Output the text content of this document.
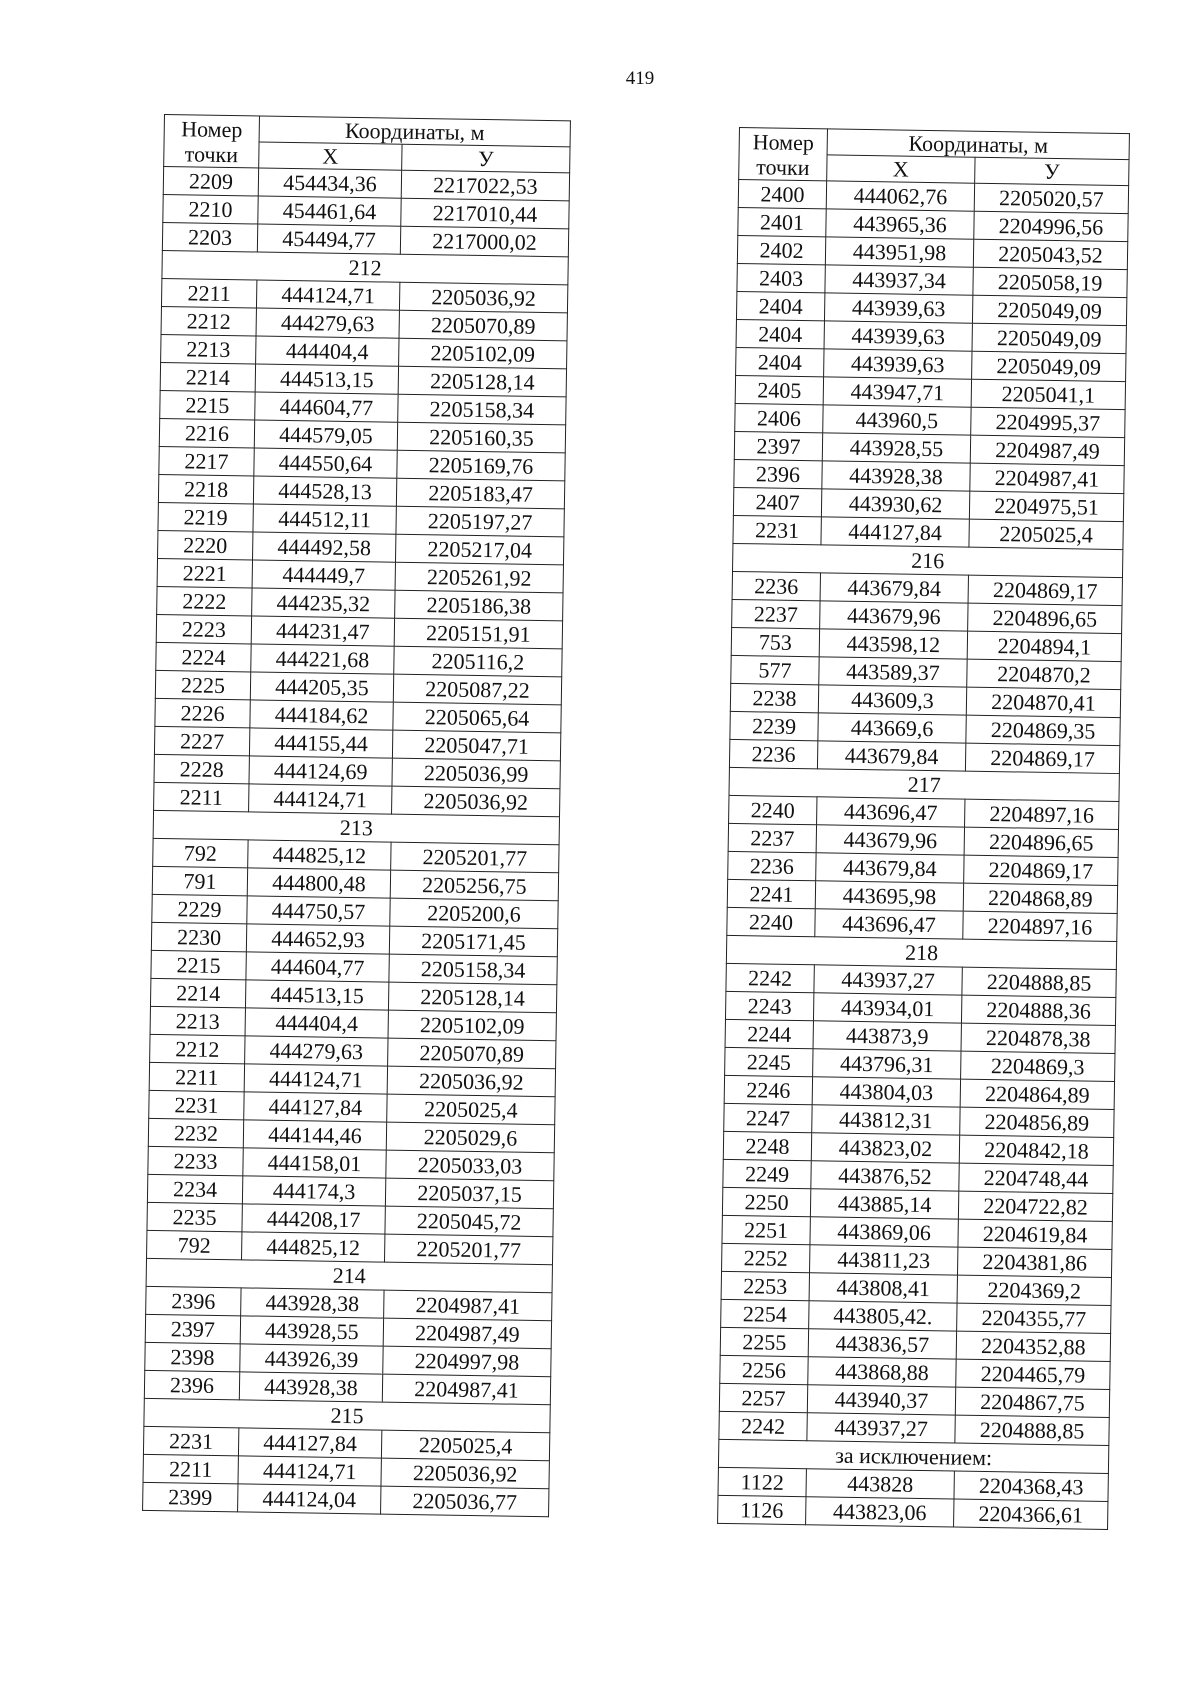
419
Номер
точки	Координаты, м	
	X	У
2209	454434,36	2217022,53
2210	454461,64	2217010,44
2203	454494,77	2217000,02
212		
2211	444124,71	2205036,92
2212	444279,63	2205070,89
2213	444404,4	2205102,09
2214	444513,15	2205128,14
2215	444604,77	2205158,34
2216	444579,05	2205160,35
2217	444550,64	2205169,76
2218	444528,13	2205183,47
2219	444512,11	2205197,27
2220	444492,58	2205217,04
2221	444449,7	2205261,92
2222	444235,32	2205186,38
2223	444231,47	2205151,91
2224	444221,68	2205116,2
2225	444205,35	2205087,22
2226	444184,62	2205065,64
2227	444155,44	2205047,71
2228	444124,69	2205036,99
2211	444124,71	2205036,92
213		
792	444825,12	2205201,77
791	444800,48	2205256,75
2229	444750,57	2205200,6
2230	444652,93	2205171,45
2215	444604,77	2205158,34
2214	444513,15	2205128,14
2213	444404,4	2205102,09
2212	444279,63	2205070,89
2211	444124,71	2205036,92
2231	444127,84	2205025,4
2232	444144,46	2205029,6
2233	444158,01	2205033,03
2234	444174,3	2205037,15
2235	444208,17	2205045,72
792	444825,12	2205201,77
214		
2396	443928,38	2204987,41
2397	443928,55	2204987,49
2398	443926,39	2204997,98
2396	443928,38	2204987,41
215		
2231	444127,84	2205025,4
2211	444124,71	2205036,92
2399	444124,04	2205036,77
Номер
точки	Координаты, м	
	X	У
2400	444062,76	2205020,57
2401	443965,36	2204996,56
2402	443951,98	2205043,52
2403	443937,34	2205058,19
2404	443939,63	2205049,09
2404	443939,63	2205049,09
2404	443939,63	2205049,09
2405	443947,71	2205041,1
2406	443960,5	2204995,37
2397	443928,55	2204987,49
2396	443928,38	2204987,41
2407	443930,62	2204975,51
2231	444127,84	2205025,4
216		
2236	443679,84	2204869,17
2237	443679,96	2204896,65
753	443598,12	2204894,1
577	443589,37	2204870,2
2238	443609,3	2204870,41
2239	443669,6	2204869,35
2236	443679,84	2204869,17
217		
2240	443696,47	2204897,16
2237	443679,96	2204896,65
2236	443679,84	2204869,17
2241	443695,98	2204868,89
2240	443696,47	2204897,16
218		
2242	443937,27	2204888,85
2243	443934,01	2204888,36
2244	443873,9	2204878,38
2245	443796,31	2204869,3
2246	443804,03	2204864,89
2247	443812,31	2204856,89
2248	443823,02	2204842,18
2249	443876,52	2204748,44
2250	443885,14	2204722,82
2251	443869,06	2204619,84
2252	443811,23	2204381,86
2253	443808,41	2204369,2
2254	443805,42.	2204355,77
2255	443836,57	2204352,88
2256	443868,88	2204465,79
2257	443940,37	2204867,75
2242	443937,27	2204888,85
за исключением:		
1122	443828	2204368,43
1126	443823,06	2204366,61
